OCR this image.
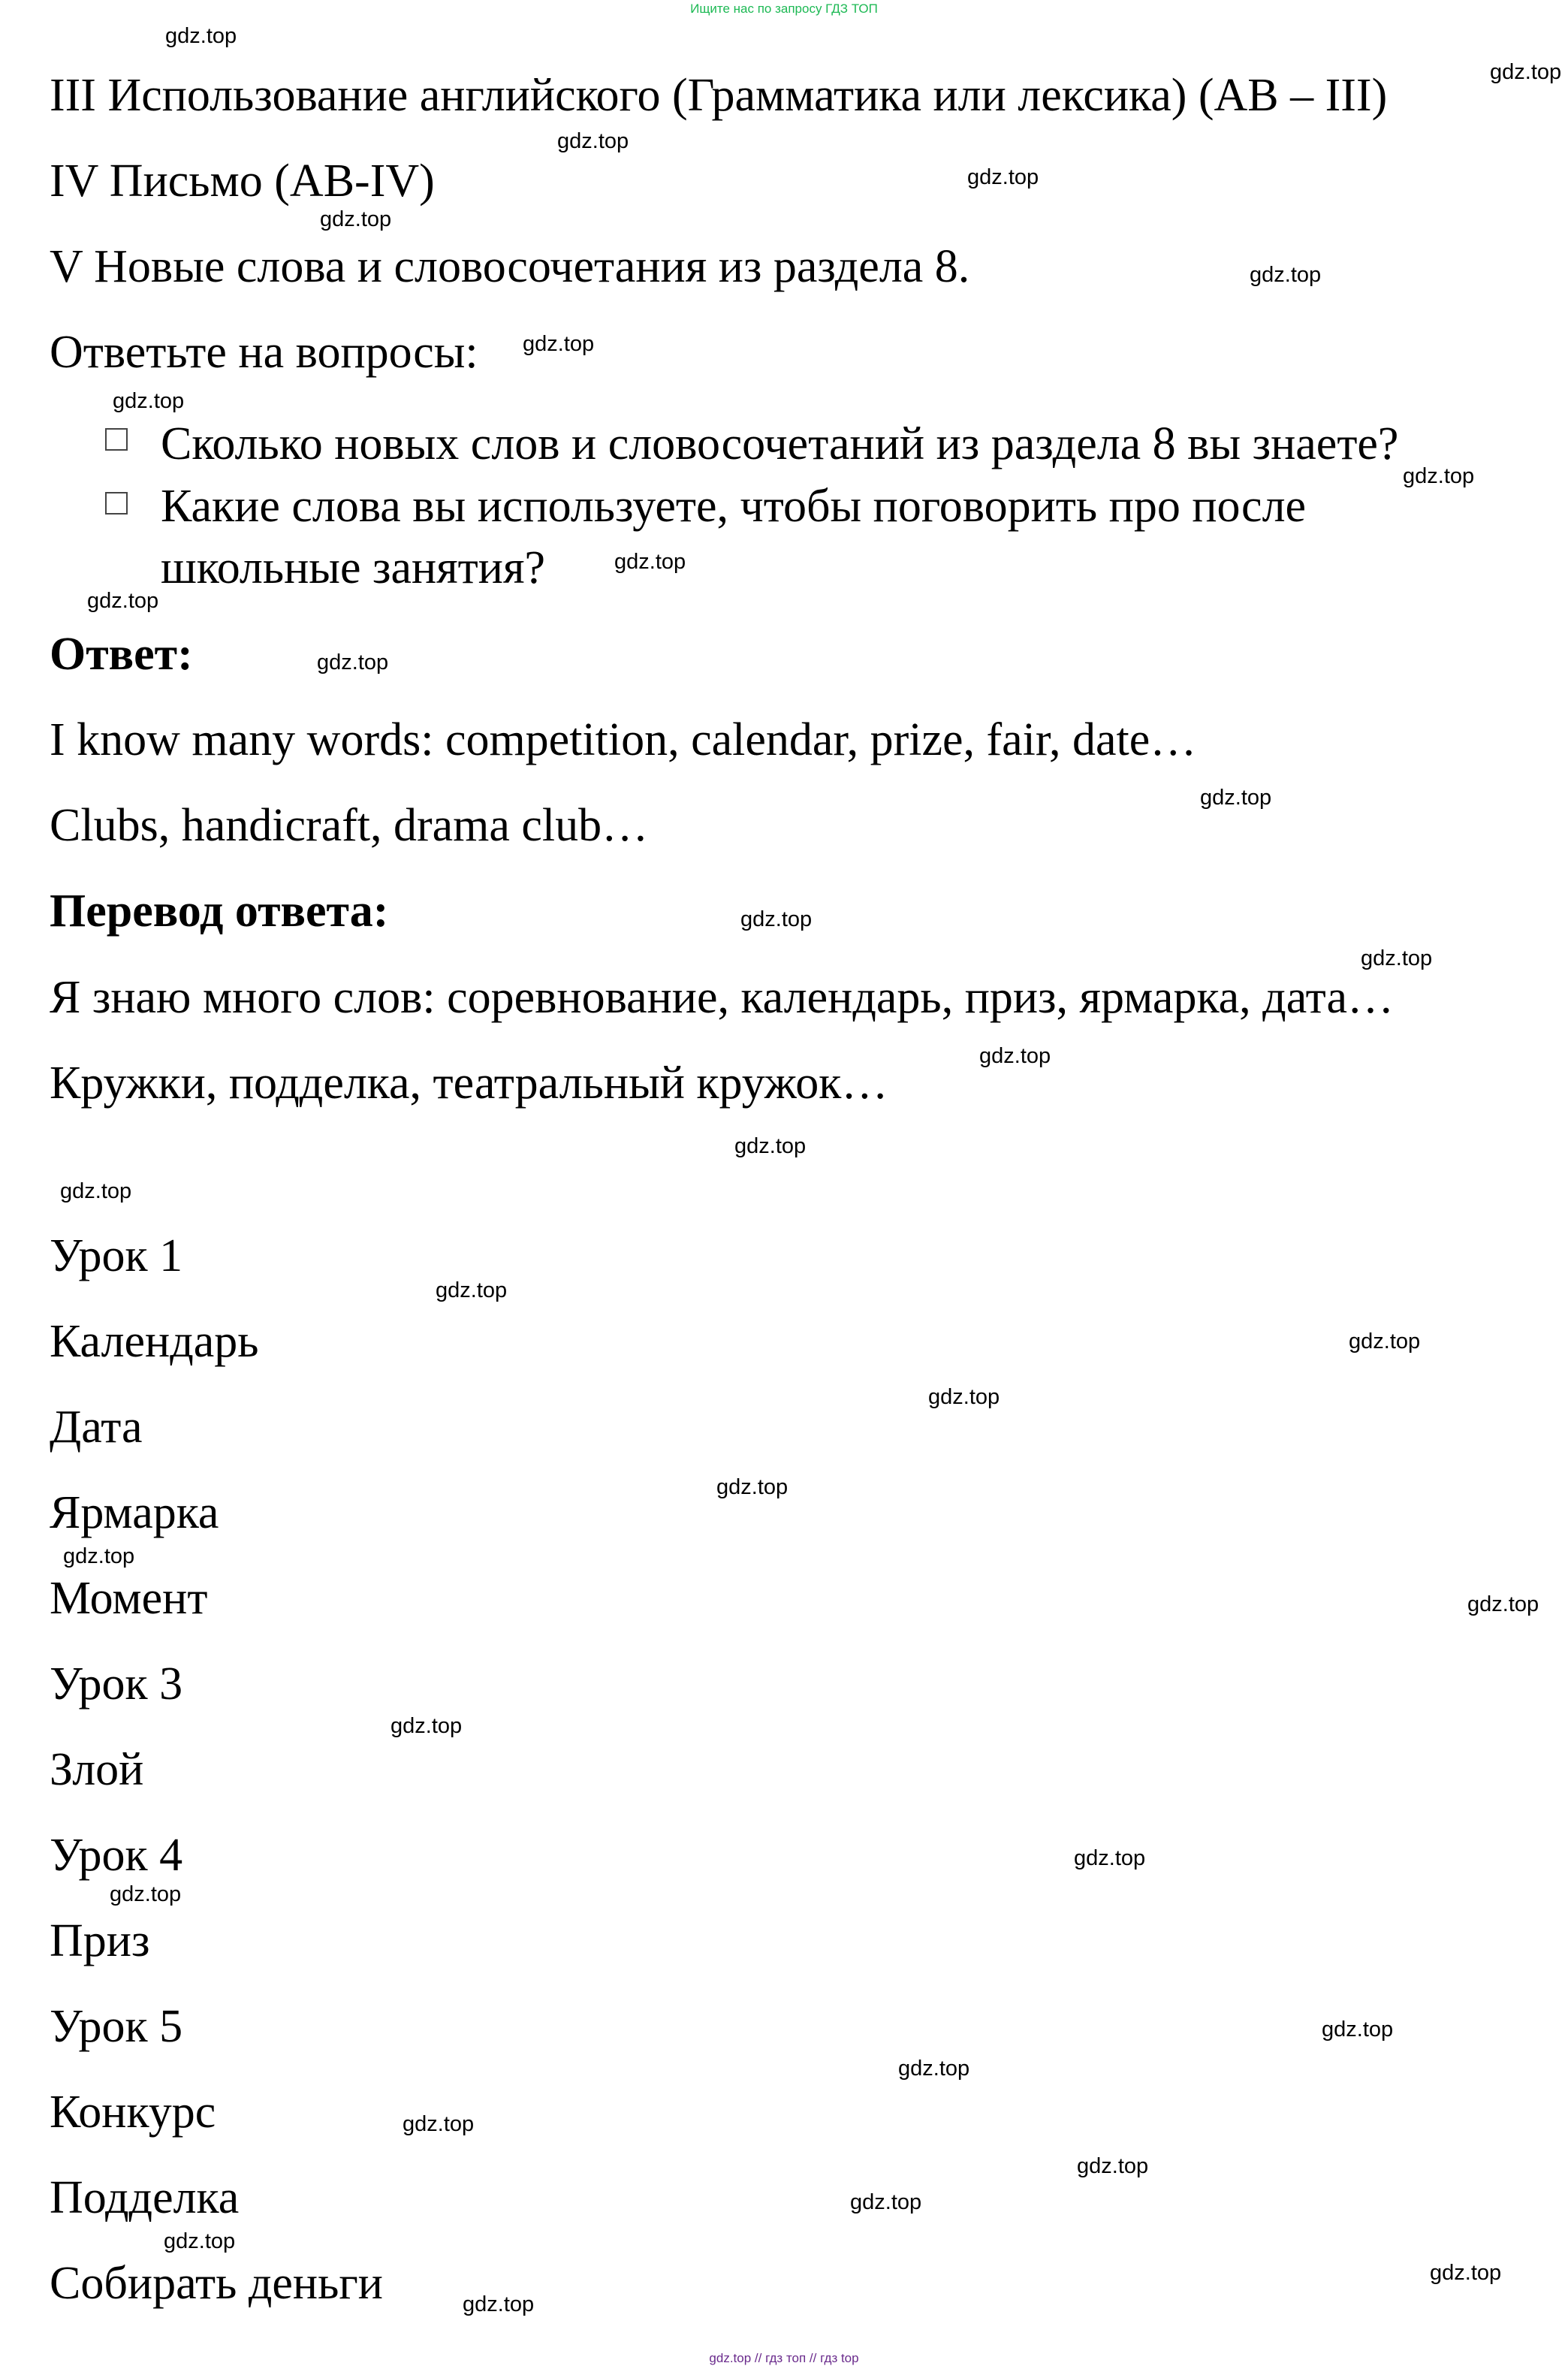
Ищите нас по запросу ГДЗ ТОП
III Использование английского (Грамматика или лексика) (AB – III)
IV Письмо (AB-IV)
V Новые слова и словосочетания из раздела 8.
Ответьте на вопросы:
Сколько новых слов и словосочетаний из раздела 8 вы знаете?
Какие слова вы используете, чтобы поговорить про после
школьные занятия?
Ответ:
I know many words: competition, calendar, prize, fair, date…
Clubs, handicraft, drama club…
Перевод ответа:
Я знаю много слов: соревнование, календарь, приз, ярмарка, дата…
Кружки, подделка, театральный кружок…
Урок 1
Календарь
Дата
Ярмарка
Момент
Урок 3
Злой
Урок 4
Приз
Урок 5
Конкурс
Подделка
Собирать деньги
gdz.top
gdz.top
gdz.top
gdz.top
gdz.top
gdz.top
gdz.top
gdz.top
gdz.top
gdz.top
gdz.top
gdz.top
gdz.top
gdz.top
gdz.top
gdz.top
gdz.top
gdz.top
gdz.top
gdz.top
gdz.top
gdz.top
gdz.top
gdz.top
gdz.top
gdz.top
gdz.top
gdz.top
gdz.top
gdz.top
gdz.top
gdz.top
gdz.top
gdz.top
gdz.top
gdz.top // гдз топ // гдз top
